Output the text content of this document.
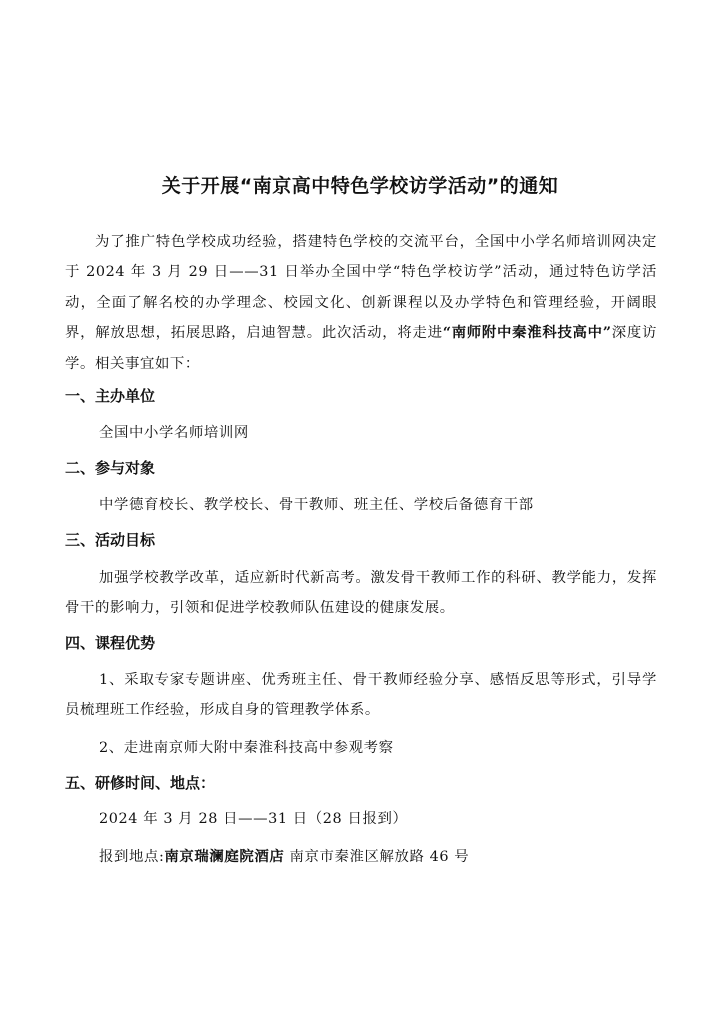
关于开展“南京高中特色学校访学活动”的通知

为了推广特色学校成功经验，搭建特色学校的交流平台，全国中小学名师培训网决定于 2024 年 3 月 29 日——31 日举办全国中学“特色学校访学”活动，通过特色访学活动，全面了解名校的办学理念、校园文化、创新课程以及办学特色和管理经验，开阔眼界，解放思想，拓展思路，启迪智慧。此次活动，将走进“南师附中秦淮科技高中”深度访学。相关事宜如下：

一、主办单位

全国中小学名师培训网

二、参与对象

中学德育校长、教学校长、骨干教师、班主任、学校后备德育干部

三、活动目标

加强学校教学改革，适应新时代新高考。激发骨干教师工作的科研、教学能力，发挥骨干的影响力，引领和促进学校教师队伍建设的健康发展。

四、课程优势

1、采取专家专题讲座、优秀班主任、骨干教师经验分享、感悟反思等形式，引导学员梳理班工作经验，形成自身的管理教学体系。

2、走进南京师大附中秦淮科技高中参观考察

五、研修时间、地点：

2024 年 3 月 28 日——31 日（28 日报到）

报到地点:南京瑞澜庭院酒店 南京市秦淮区解放路 46 号
